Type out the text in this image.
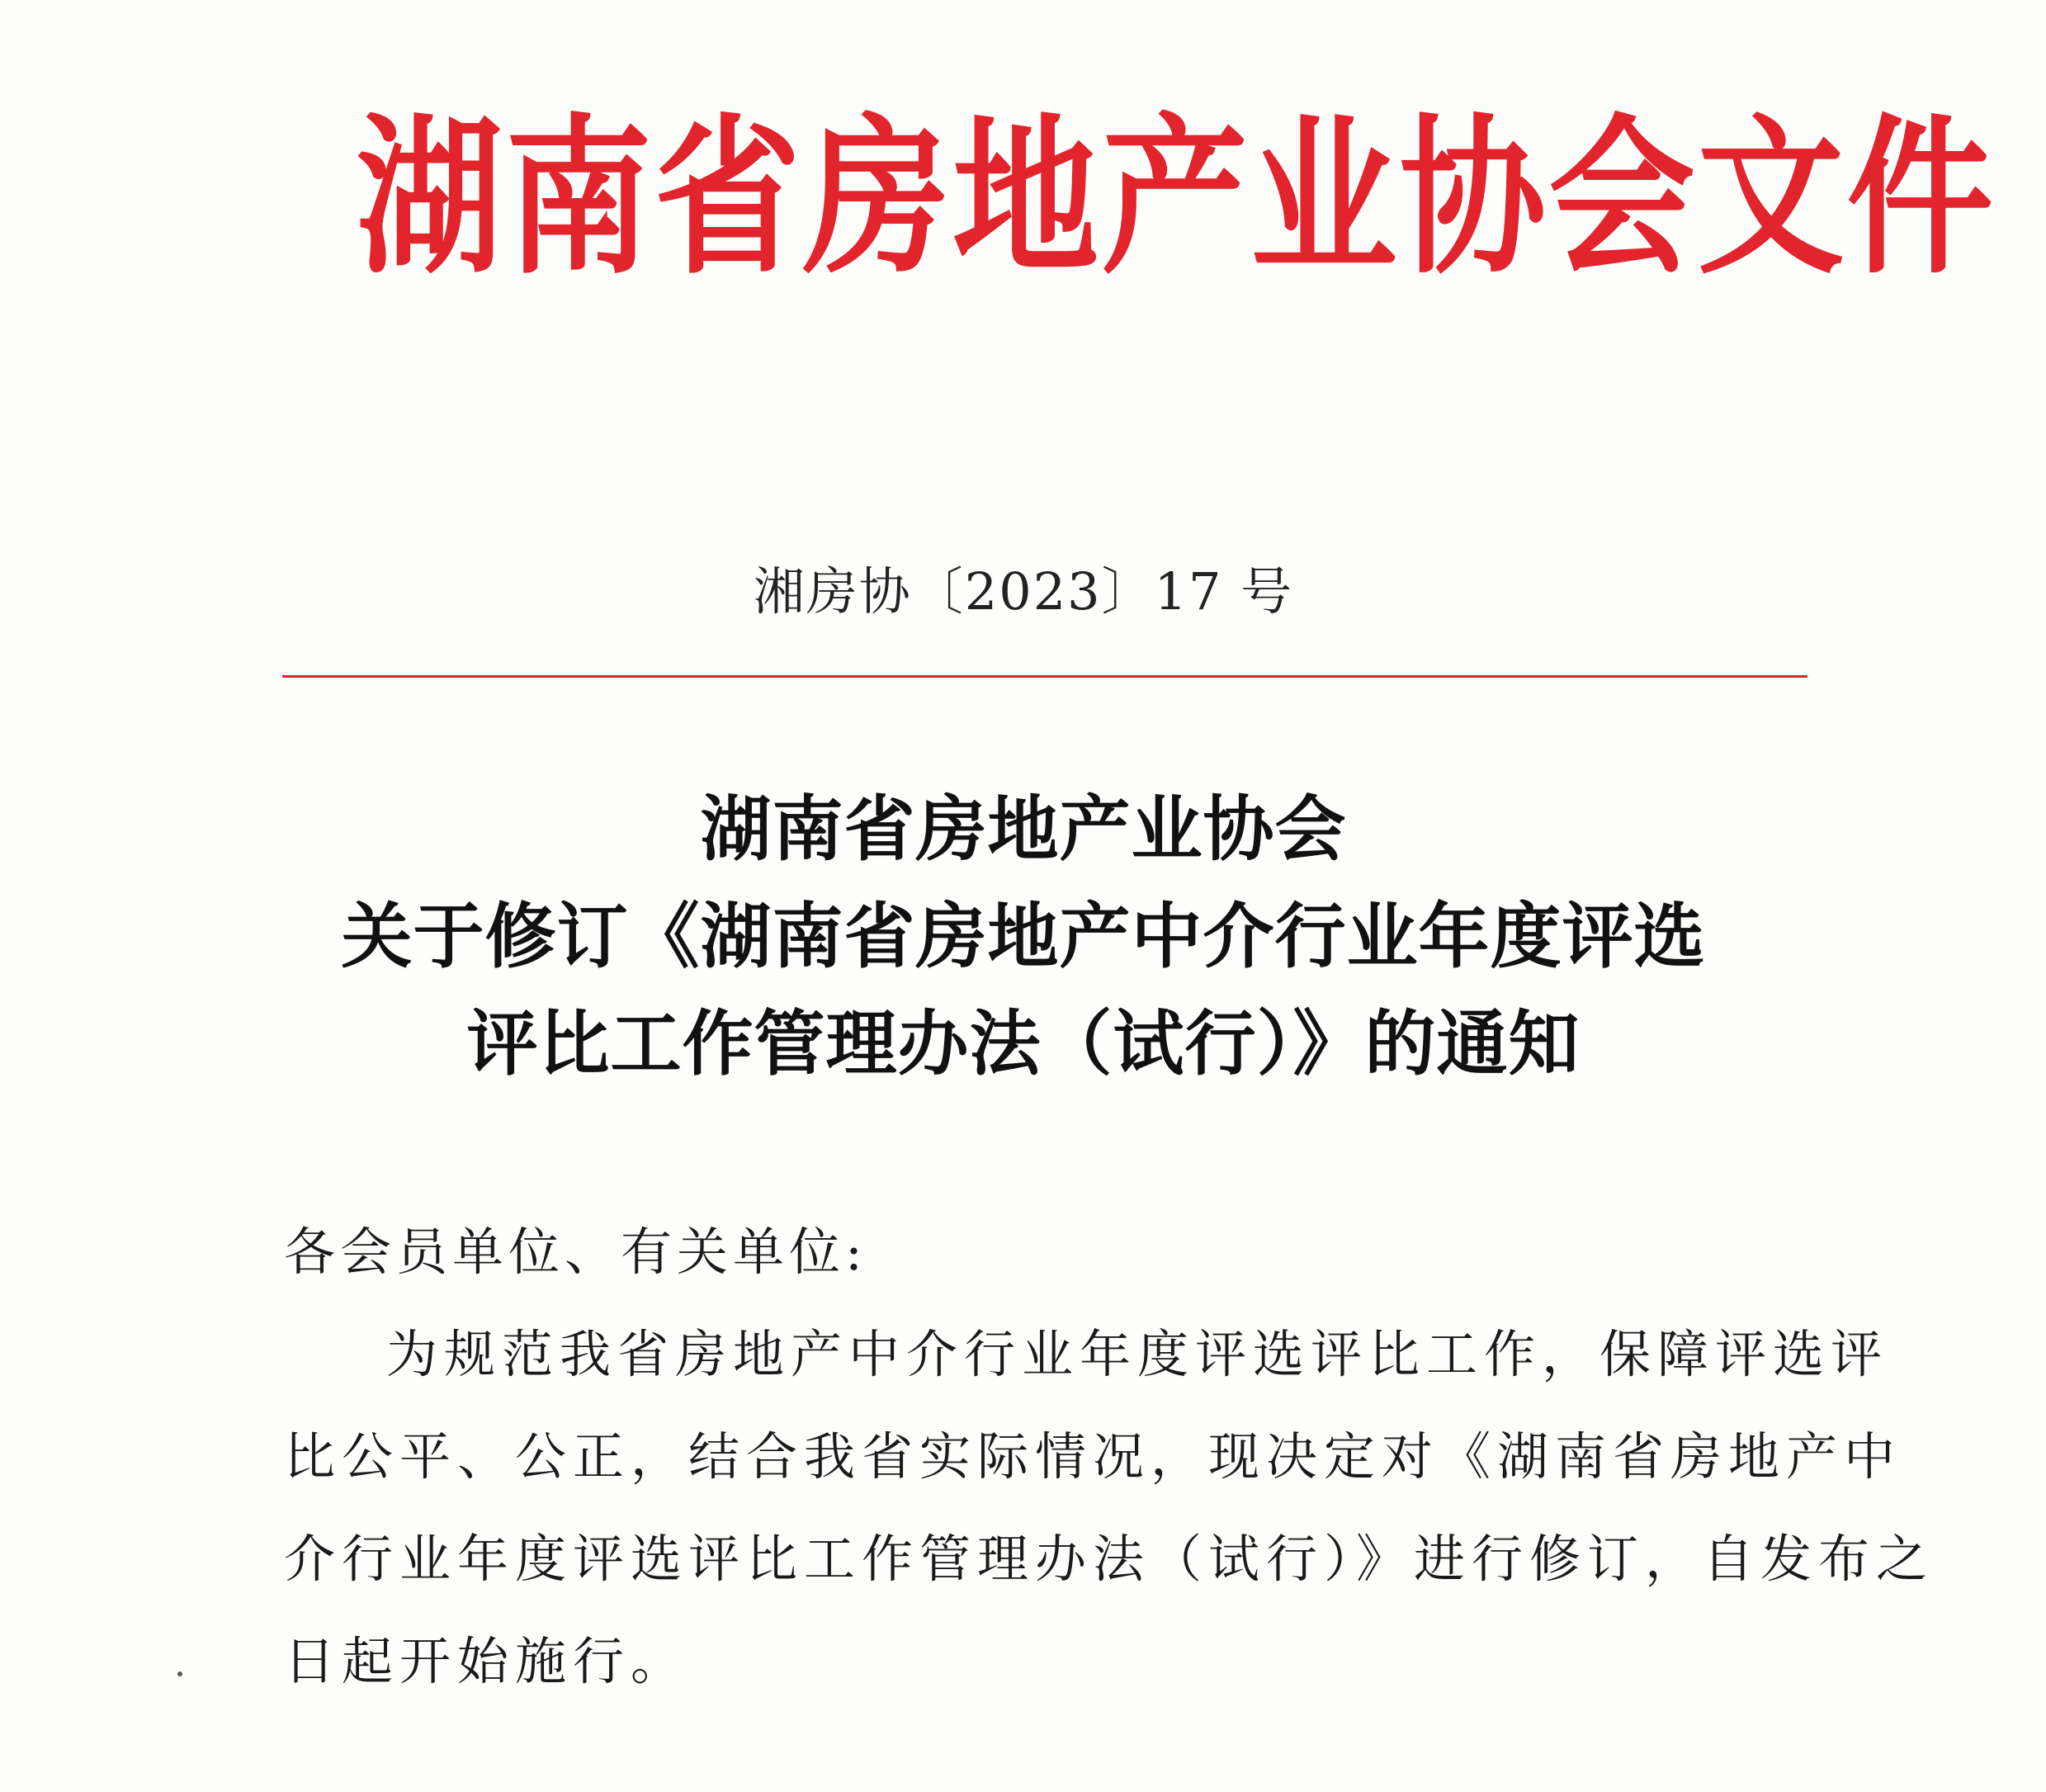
湖南省房地产业协会文件
湘房协〔2023〕17 号
湖南省房地产业协会
关于修订《湖南省房地产中介行业年度评选
评比工作管理办法（试行）》的通知
各会员单位、有关单位:
为规范我省房地产中介行业年度评选评比工作，保障评选评
比公平、公正，结合我省实际情况，现决定对《湖南省房地产中
介行业年度评选评比工作管理办法（试行）》进行修订，自发布之
日起开始施行。
